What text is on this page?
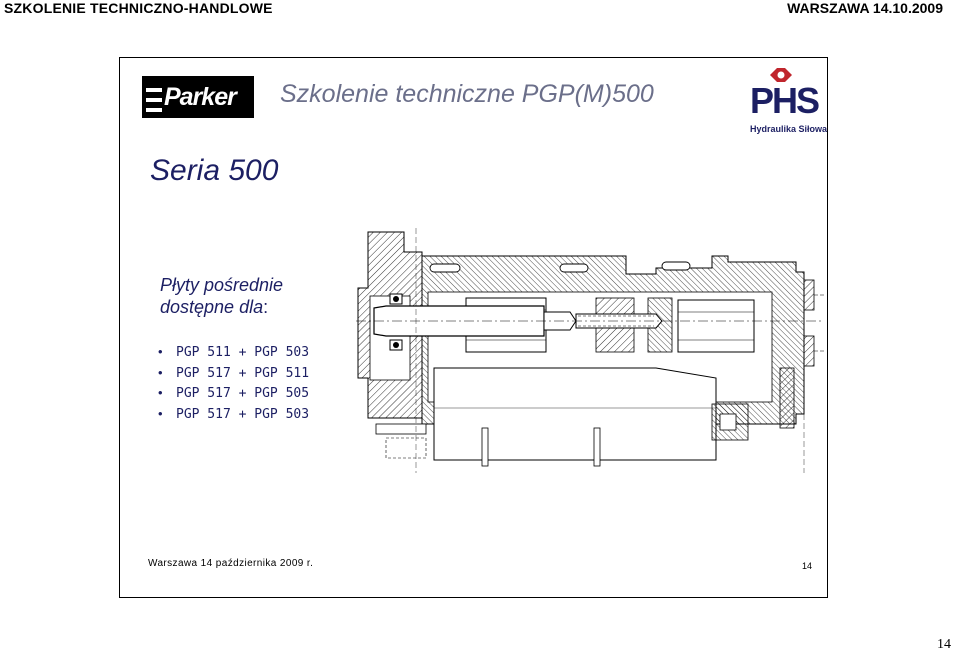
SZKOLENIE TECHNICZNO-HANDLOWE	WARSZAWA 14.10.2009
Parker Szkolenie techniczne PGP(M)500	PHS
Hydraulika Siłowa
Seria 500
Płyty pośrednie
dostępne dla:
• PGP 511 + PGP 503
• PGP 517 + PGP 511
• PGP 517 + PGP 505
• PGP 517 + PGP 503
Warszawa 14 października 2009 r.	14
14
